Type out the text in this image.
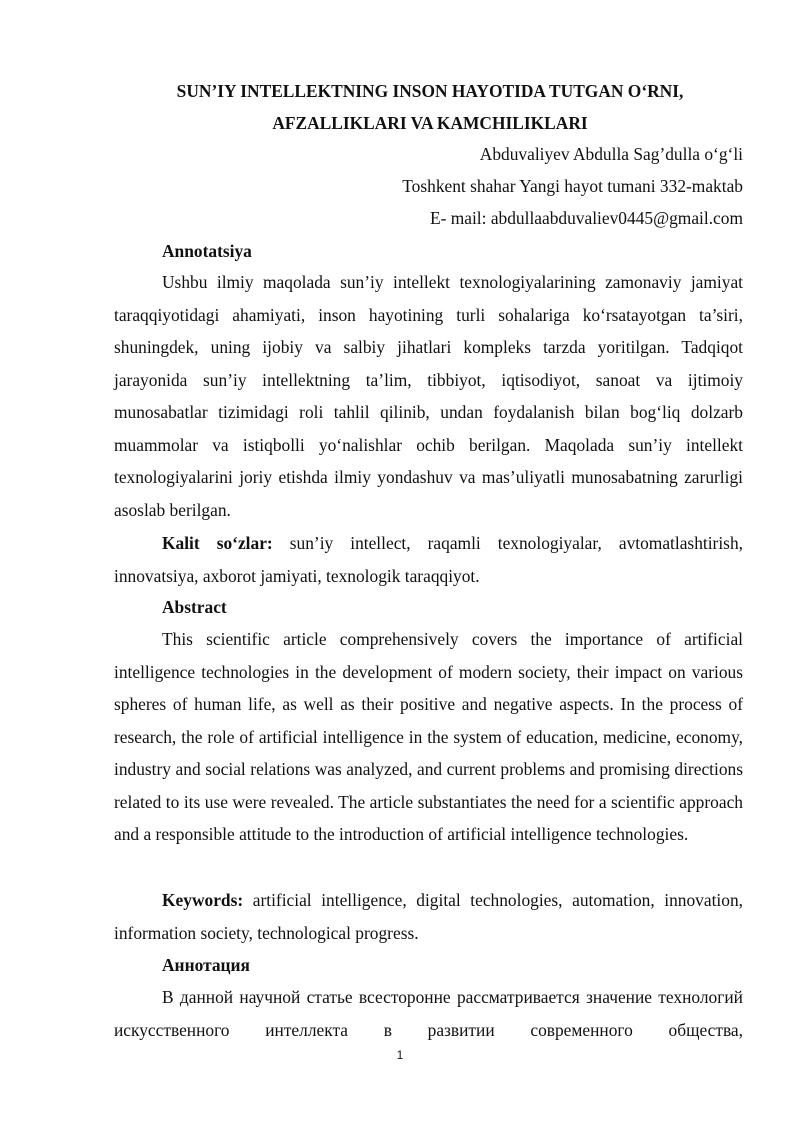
SUN’IY INTELLEKTNING INSON HAYOTIDA TUTGAN O‘RNI,
AFZALLIKLARI VA KAMCHILIKLARI
Abduvaliyev Abdulla Sag’dulla o‘g‘li
Toshkent shahar Yangi hayot tumani 332-maktab
E- mail: abdullaabduvaliev0445@gmail.com
Annotatsiya

Ushbu ilmiy maqolada sun’iy intellekt texnologiyalarining zamonaviy jamiyat taraqqiyotidagi ahamiyati, inson hayotining turli sohalariga ko‘rsatayotgan ta’siri, shuningdek, uning ijobiy va salbiy jihatlari kompleks tarzda yoritilgan. Tadqiqot jarayonida sun’iy intellektning ta’lim, tibbiyot, iqtisodiyot, sanoat va ijtimoiy munosabatlar tizimidagi roli tahlil qilinib, undan foydalanish bilan bog‘liq dolzarb muammolar va istiqbolli yo‘nalishlar ochib berilgan. Maqolada sun’iy intellekt texnologiyalarini joriy etishda ilmiy yondashuv va mas’uliyatli munosabatning zarurligi asoslab berilgan.

Kalit so‘zlar: sun’iy intellect, raqamli texnologiyalar, avtomatlashtirish, innovatsiya, axborot jamiyati, texnologik taraqqiyot.

Abstract

This scientific article comprehensively covers the importance of artificial intelligence technologies in the development of modern society, their impact on various spheres of human life, as well as their positive and negative aspects. In the process of research, the role of artificial intelligence in the system of education, medicine, economy, industry and social relations was analyzed, and current problems and promising directions related to its use were revealed. The article substantiates the need for a scientific approach and a responsible attitude to the introduction of artificial intelligence technologies.

Keywords: artificial intelligence, digital technologies, automation, innovation, information society, technological progress.

Аннотация

В данной научной статье всесторонне рассматривается значение технологий искусственного интеллекта в развитии современного общества,

1
